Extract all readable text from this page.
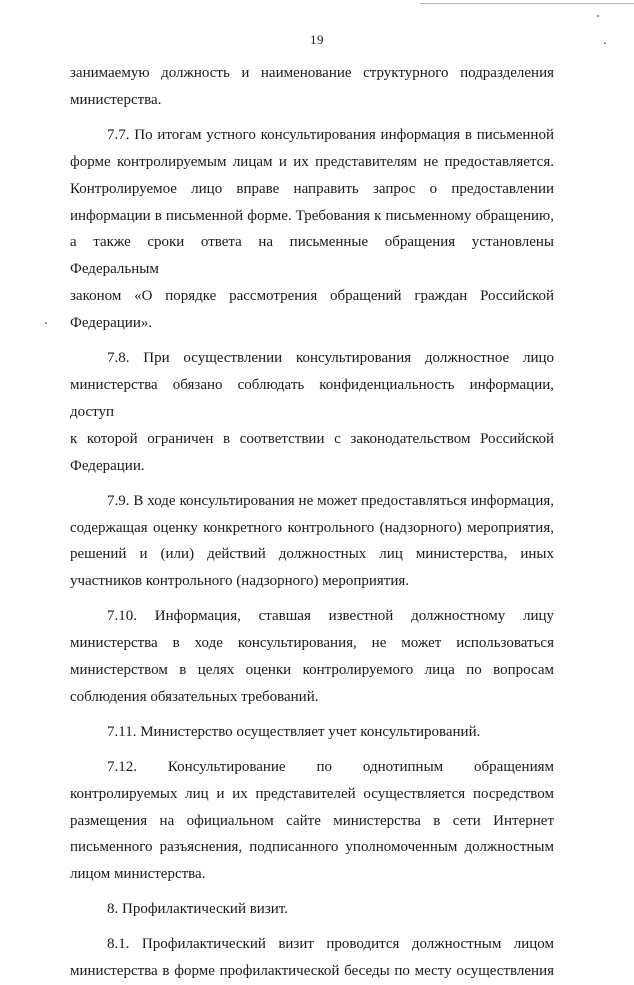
19

занимаемую должность и наименование структурного подразделения

министерства.

7.7. По итогам устного консультирования информация в письменной

форме контролируемым лицам и их представителям не предоставляется.

Контролируемое лицо вправе направить запрос о предоставлении

информации в письменной форме. Требования к письменному обращению,

а также сроки ответа на письменные обращения установлены Федеральным

законом «О порядке рассмотрения обращений граждан Российской

Федерации».

7.8. При осуществлении консультирования должностное лицо

министерства обязано соблюдать конфиденциальность информации, доступ

к которой ограничен в соответствии с законодательством Российской

Федерации.

7.9. В ходе консультирования не может предоставляться информация,

содержащая оценку конкретного контрольного (надзорного) мероприятия,

решений и (или) действий должностных лиц министерства, иных

участников контрольного (надзорного) мероприятия.

7.10. Информация, ставшая известной должностному лицу

министерства в ходе консультирования, не может использоваться

министерством в целях оценки контролируемого лица по вопросам

соблюдения обязательных требований.

7.11. Министерство осуществляет учет консультирований.

7.12. Консультирование по однотипным обращениям

контролируемых лиц и их представителей осуществляется посредством

размещения на официальном сайте министерства в сети Интернет

письменного разъяснения, подписанного уполномоченным должностным

лицом министерства.

8. Профилактический визит.

8.1. Профилактический визит проводится должностным лицом

министерства в форме профилактической беседы по месту осуществления
